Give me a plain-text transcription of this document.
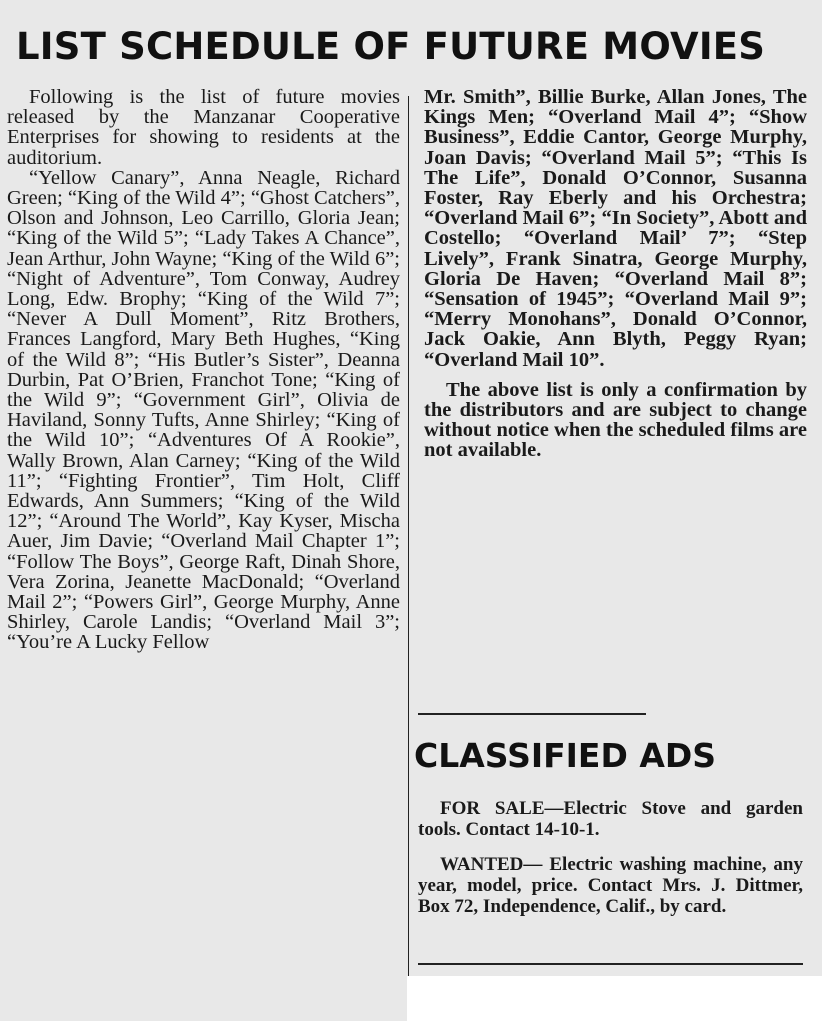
LIST SCHEDULE OF FUTURE MOVIES

Following is the list of future movies released by the Manzanar Cooperative Enterprises for showing to residents at the auditorium.

“Yellow Canary”, Anna Neagle, Richard Green; “King of the Wild 4”; “Ghost Catchers”, Olson and Johnson, Leo Carrillo, Gloria Jean; “King of the Wild 5”; “Lady Takes A Chance”, Jean Arthur, John Wayne; “King of the Wild 6”; “Night of Adventure”, Tom Conway, Audrey Long, Edw. Brophy; “King of the Wild 7”; “Never A Dull Moment”, Ritz Brothers, Frances Langford, Mary Beth Hughes, “King of the Wild 8”; “His Butler’s Sister”, Deanna Durbin, Pat O’Brien, Franchot Tone; “King of the Wild 9”; “Government Girl”, Olivia de Haviland, Sonny Tufts, Anne Shirley; “King of the Wild 10”; “Adventures Of A Rookie”, Wally Brown, Alan Carney; “King of the Wild 11”; “Fighting Frontier”, Tim Holt, Cliff Edwards, Ann Summers; “King of the Wild 12”; “Around The World”, Kay Kyser, Mischa Auer, Jim Davie; “Overland Mail Chapter 1”; “Follow The Boys”, George Raft, Dinah Shore, Vera Zorina, Jeanette MacDonald; “Overland Mail 2”; “Powers Girl”, George Murphy, Anne Shirley, Carole Landis; “Overland Mail 3”; “You’re A Lucky Fellow

Mr. Smith”, Billie Burke, Allan Jones, The Kings Men; “Overland Mail 4”; “Show Business”, Eddie Cantor, George Murphy, Joan Davis; “Overland Mail 5”; “This Is The Life”, Donald O’Connor, Susanna Foster, Ray Eberly and his Orchestra; “Overland Mail 6”; “In Society”, Abott and Costello; “Overland Mail’ 7”; “Step Lively”, Frank Sinatra, George Murphy, Gloria De Haven; “Overland Mail 8”; “Sensation of 1945”; “Overland Mail 9”; “Merry Monohans”, Donald O’Connor, Jack Oakie, Ann Blyth, Peggy Ryan; “Overland Mail 10”.

The above list is only a confirmation by the distributors and are subject to change without notice when the scheduled films are not available.

CLASSIFIED ADS

FOR SALE—Electric Stove and garden tools. Contact 14-10-1.

WANTED— Electric washing machine, any year, model, price. Contact Mrs. J. Dittmer, Box 72, Independence, Calif., by card.
